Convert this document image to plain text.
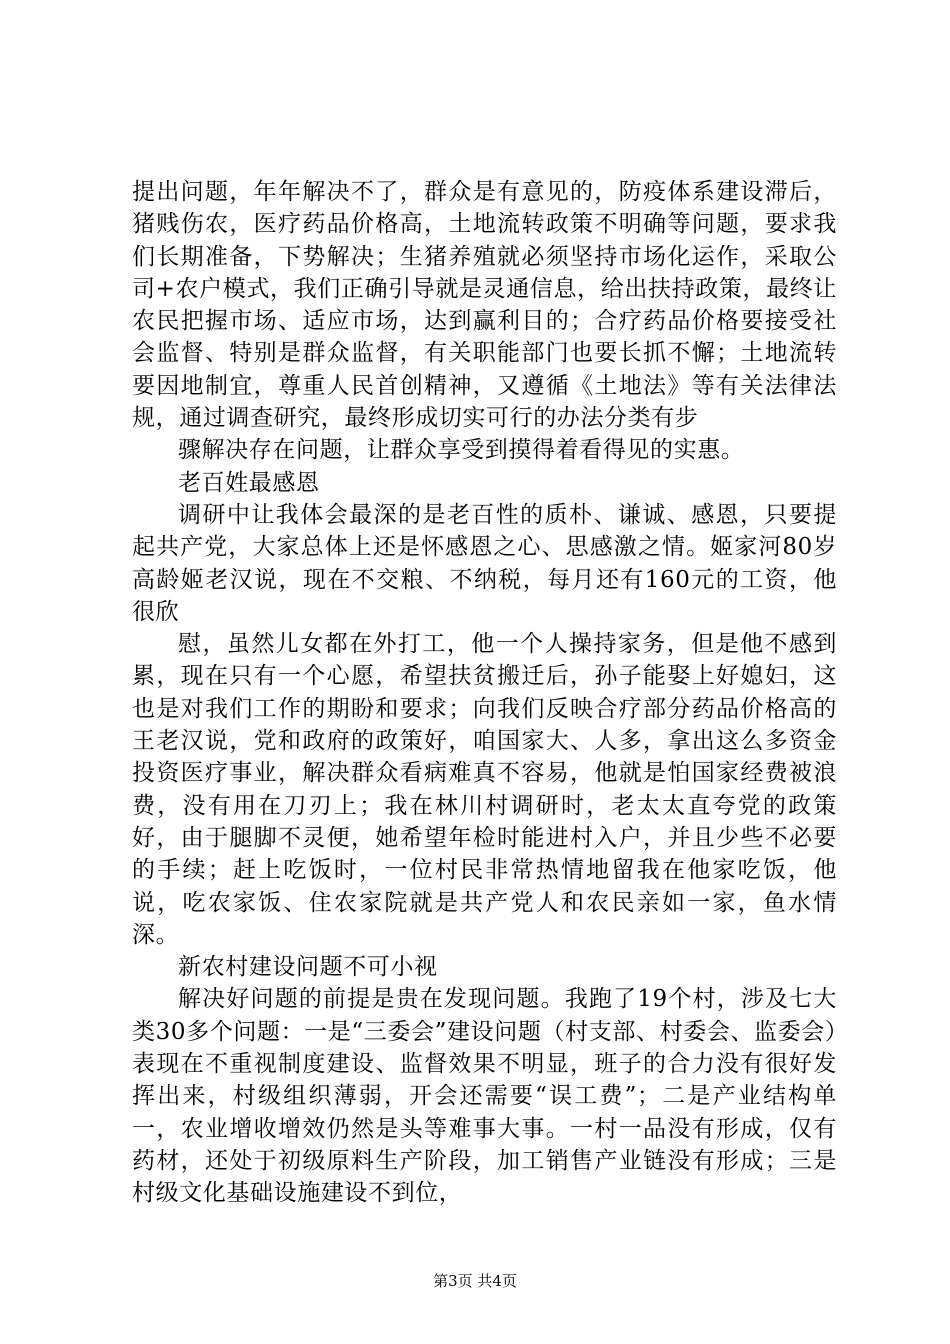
提出问题，年年解决不了，群众是有意见的，防疫体系建设滞后，猪贱伤农，医疗药品价格高，土地流转政策不明确等问题，要求我们长期准备，下势解决；生猪养殖就必须坚持市场化运作，采取公司+农户模式，我们正确引导就是灵通信息，给出扶持政策，最终让农民把握市场、适应市场，达到赢利目的；合疗药品价格要接受社会监督、特别是群众监督，有关职能部门也要长抓不懈；土地流转要因地制宜，尊重人民首创精神，又遵循《土地法》等有关法律法规，通过调查研究，最终形成切实可行的办法分类有步

骤解决存在问题，让群众享受到摸得着看得见的实惠。

老百姓最感恩

调研中让我体会最深的是老百性的质朴、谦诚、感恩，只要提起共产党，大家总体上还是怀感恩之心、思感激之情。姬家河80岁高龄姬老汉说，现在不交粮、不纳税，每月还有160元的工资，他很欣

慰，虽然儿女都在外打工，他一个人操持家务，但是他不感到累，现在只有一个心愿，希望扶贫搬迁后，孙子能娶上好媳妇，这也是对我们工作的期盼和要求；向我们反映合疗部分药品价格高的王老汉说，党和政府的政策好，咱国家大、人多，拿出这么多资金投资医疗事业，解决群众看病难真不容易，他就是怕国家经费被浪费，没有用在刀刃上；我在林川村调研时，老太太直夸党的政策好，由于腿脚不灵便，她希望年检时能进村入户，并且少些不必要的手续；赶上吃饭时，一位村民非常热情地留我在他家吃饭，他说，吃农家饭、住农家院就是共产党人和农民亲如一家，鱼水情深。

新农村建设问题不可小视

解决好问题的前提是贵在发现问题。我跑了19个村，涉及七大类30多个问题：一是“三委会”建设问题（村支部、村委会、监委会）表现在不重视制度建设、监督效果不明显，班子的合力没有很好发挥出来，村级组织薄弱，开会还需要“误工费”；二是产业结构单一，农业增收增效仍然是头等难事大事。一村一品没有形成，仅有药材，还处于初级原料生产阶段，加工销售产业链没有形成；三是村级文化基础设施建设不到位，

第3页 共4页
